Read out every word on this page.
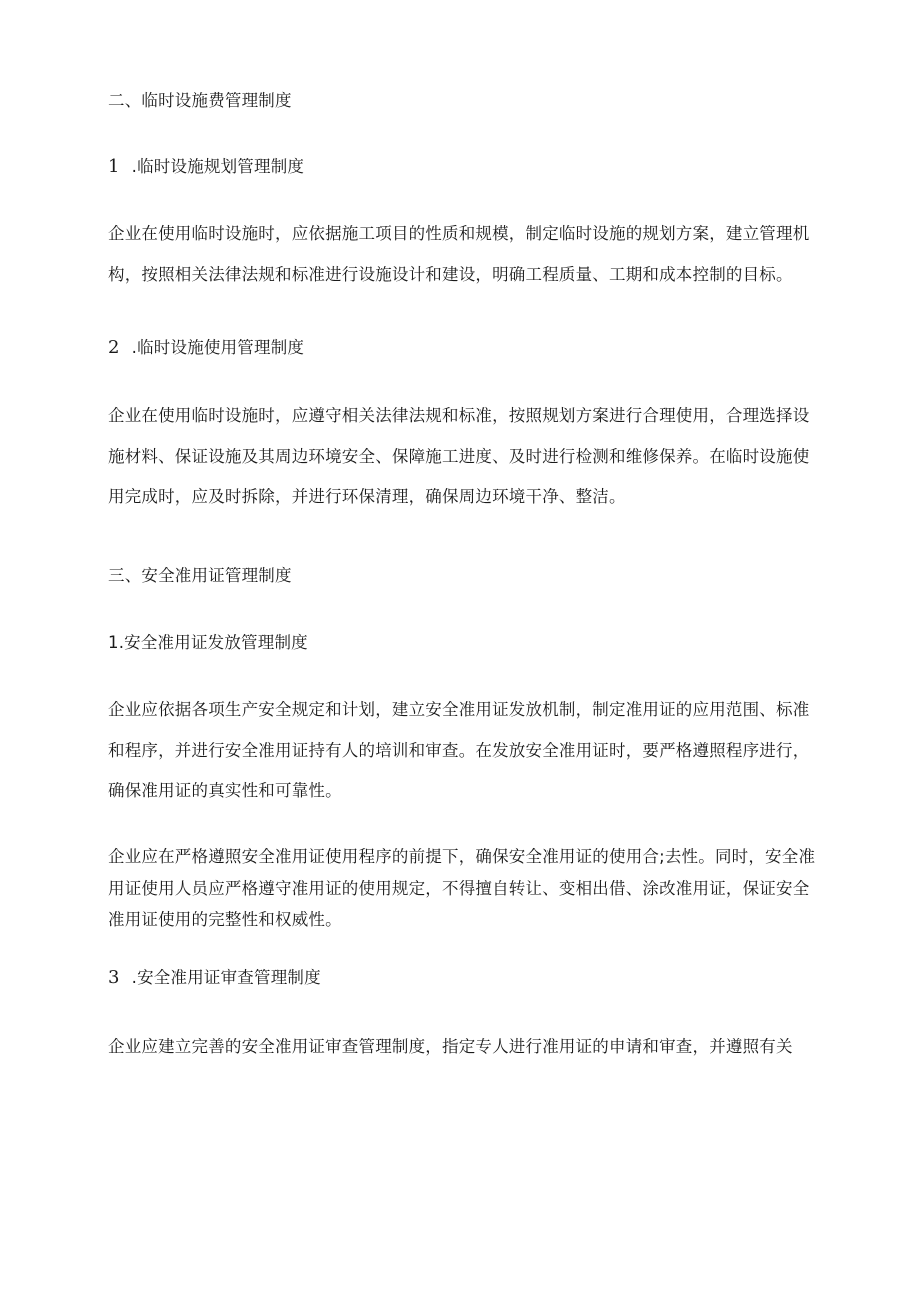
二、临时设施费管理制度

1 .临时设施规划管理制度

企业在使用临时设施时，应依据施工项目的性质和规模，制定临时设施的规划方案，建立管理机构，按照相关法律法规和标准进行设施设计和建设，明确工程质量、工期和成本控制的目标。

2 .临时设施使用管理制度

企业在使用临时设施时，应遵守相关法律法规和标准，按照规划方案进行合理使用，合理选择设施材料、保证设施及其周边环境安全、保障施工进度、及时进行检测和维修保养。在临时设施使用完成时，应及时拆除，并进行环保清理，确保周边环境干净、整洁。

三、安全准用证管理制度

1.安全准用证发放管理制度

企业应依据各项生产安全规定和计划，建立安全准用证发放机制，制定准用证的应用范围、标准和程序，并进行安全准用证持有人的培训和审查。在发放安全准用证时，要严格遵照程序进行，确保准用证的真实性和可靠性。

企业应在严格遵照安全准用证使用程序的前提下，确保安全准用证的使用合;去性。同时，安全准用证使用人员应严格遵守准用证的使用规定，不得擅自转让、变相出借、涂改准用证，保证安全准用证使用的完整性和权威性。

3 .安全准用证审查管理制度

企业应建立完善的安全准用证审查管理制度，指定专人进行准用证的申请和审查，并遵照有关
